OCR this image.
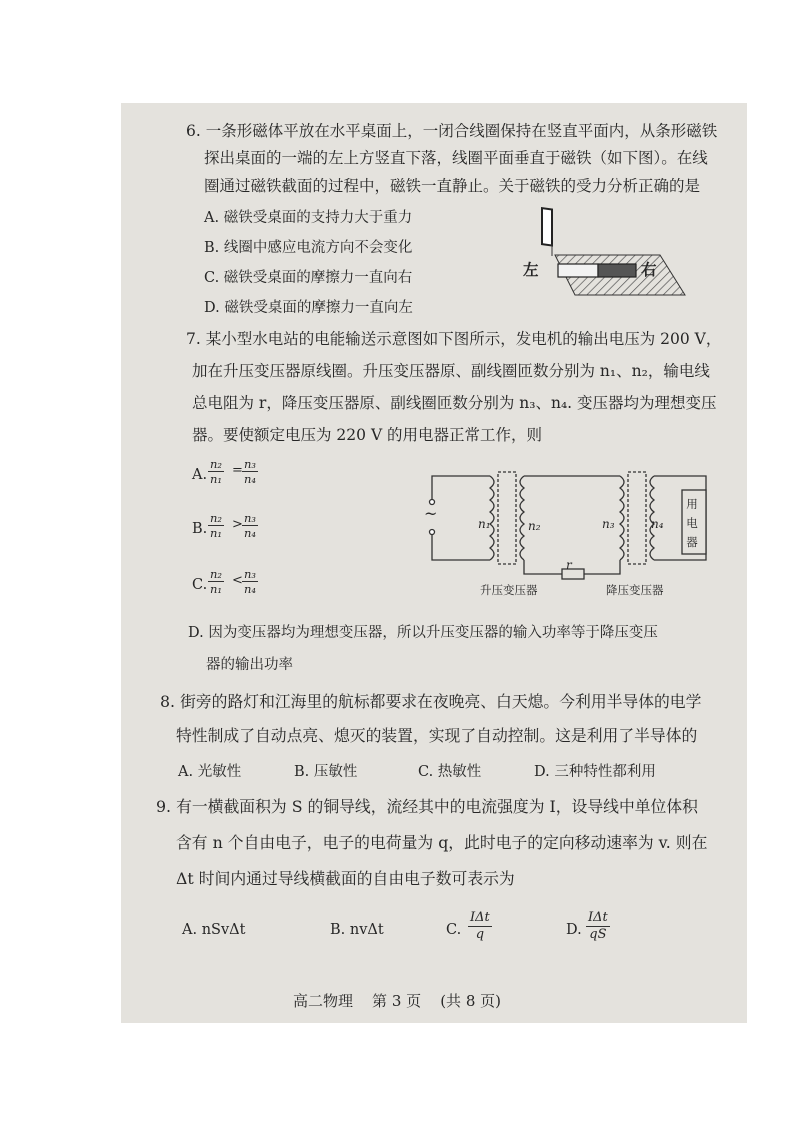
6. 一条形磁体平放在水平桌面上，一闭合线圈保持在竖直平面内，从条形磁铁
探出桌面的一端的左上方竖直下落，线圈平面垂直于磁铁（如下图）。在线
圈通过磁铁截面的过程中，磁铁一直静止。关于磁铁的受力分析正确的是
A. 磁铁受桌面的支持力大于重力
B. 线圈中感应电流方向不会变化
C. 磁铁受桌面的摩擦力一直向右
D. 磁铁受桌面的摩擦力一直向左
左	右
7. 某小型水电站的电能输送示意图如下图所示，发电机的输出电压为 200 V，
加在升压变压器原线圈。升压变压器原、副线圈匝数分别为 n₁、n₂，输电线
总电阻为 r，降压变压器原、副线圈匝数分别为 n₃、n₄. 变压器均为理想变压
器。要使额定电压为 220 V 的用电器正常工作，则
A. $\frac{\text{n₂}}{\text{n₁}} = \frac{\text{n₃}}{\text{n₄}}$
B. $\frac{\text{n₂}}{\text{n₁}} > \frac{\text{n₃}}{\text{n₄}}$
C. $\frac{\text{n₂}}{\text{n₁}} < \frac{\text{n₃}}{\text{n₄}}$
~
n₁	n₂	n₃	n₄
r
升压变压器	降压变压器
用电器
D. 因为变压器均为理想变压器，所以升压变压器的输入功率等于降压变压
器的输出功率
8. 街旁的路灯和江海里的航标都要求在夜晚亮、白天熄。今利用半导体的电学
特性制成了自动点亮、熄灭的装置，实现了自动控制。这是利用了半导体的
A. 光敏性	B. 压敏性	C. 热敏性	D. 三种特性都利用
9. 有一横截面积为 S 的铜导线，流经其中的电流强度为 I，设导线中单位体积
含有 n 个自由电子，电子的电荷量为 q，此时电子的定向移动速率为 v. 则在
Δt 时间内通过导线横截面的自由电子数可表示为
A. nSvΔt	B. nvΔt	C.
IΔt
q	D.
IΔt
qS
高二物理    第 3 页    (共 8 页)
